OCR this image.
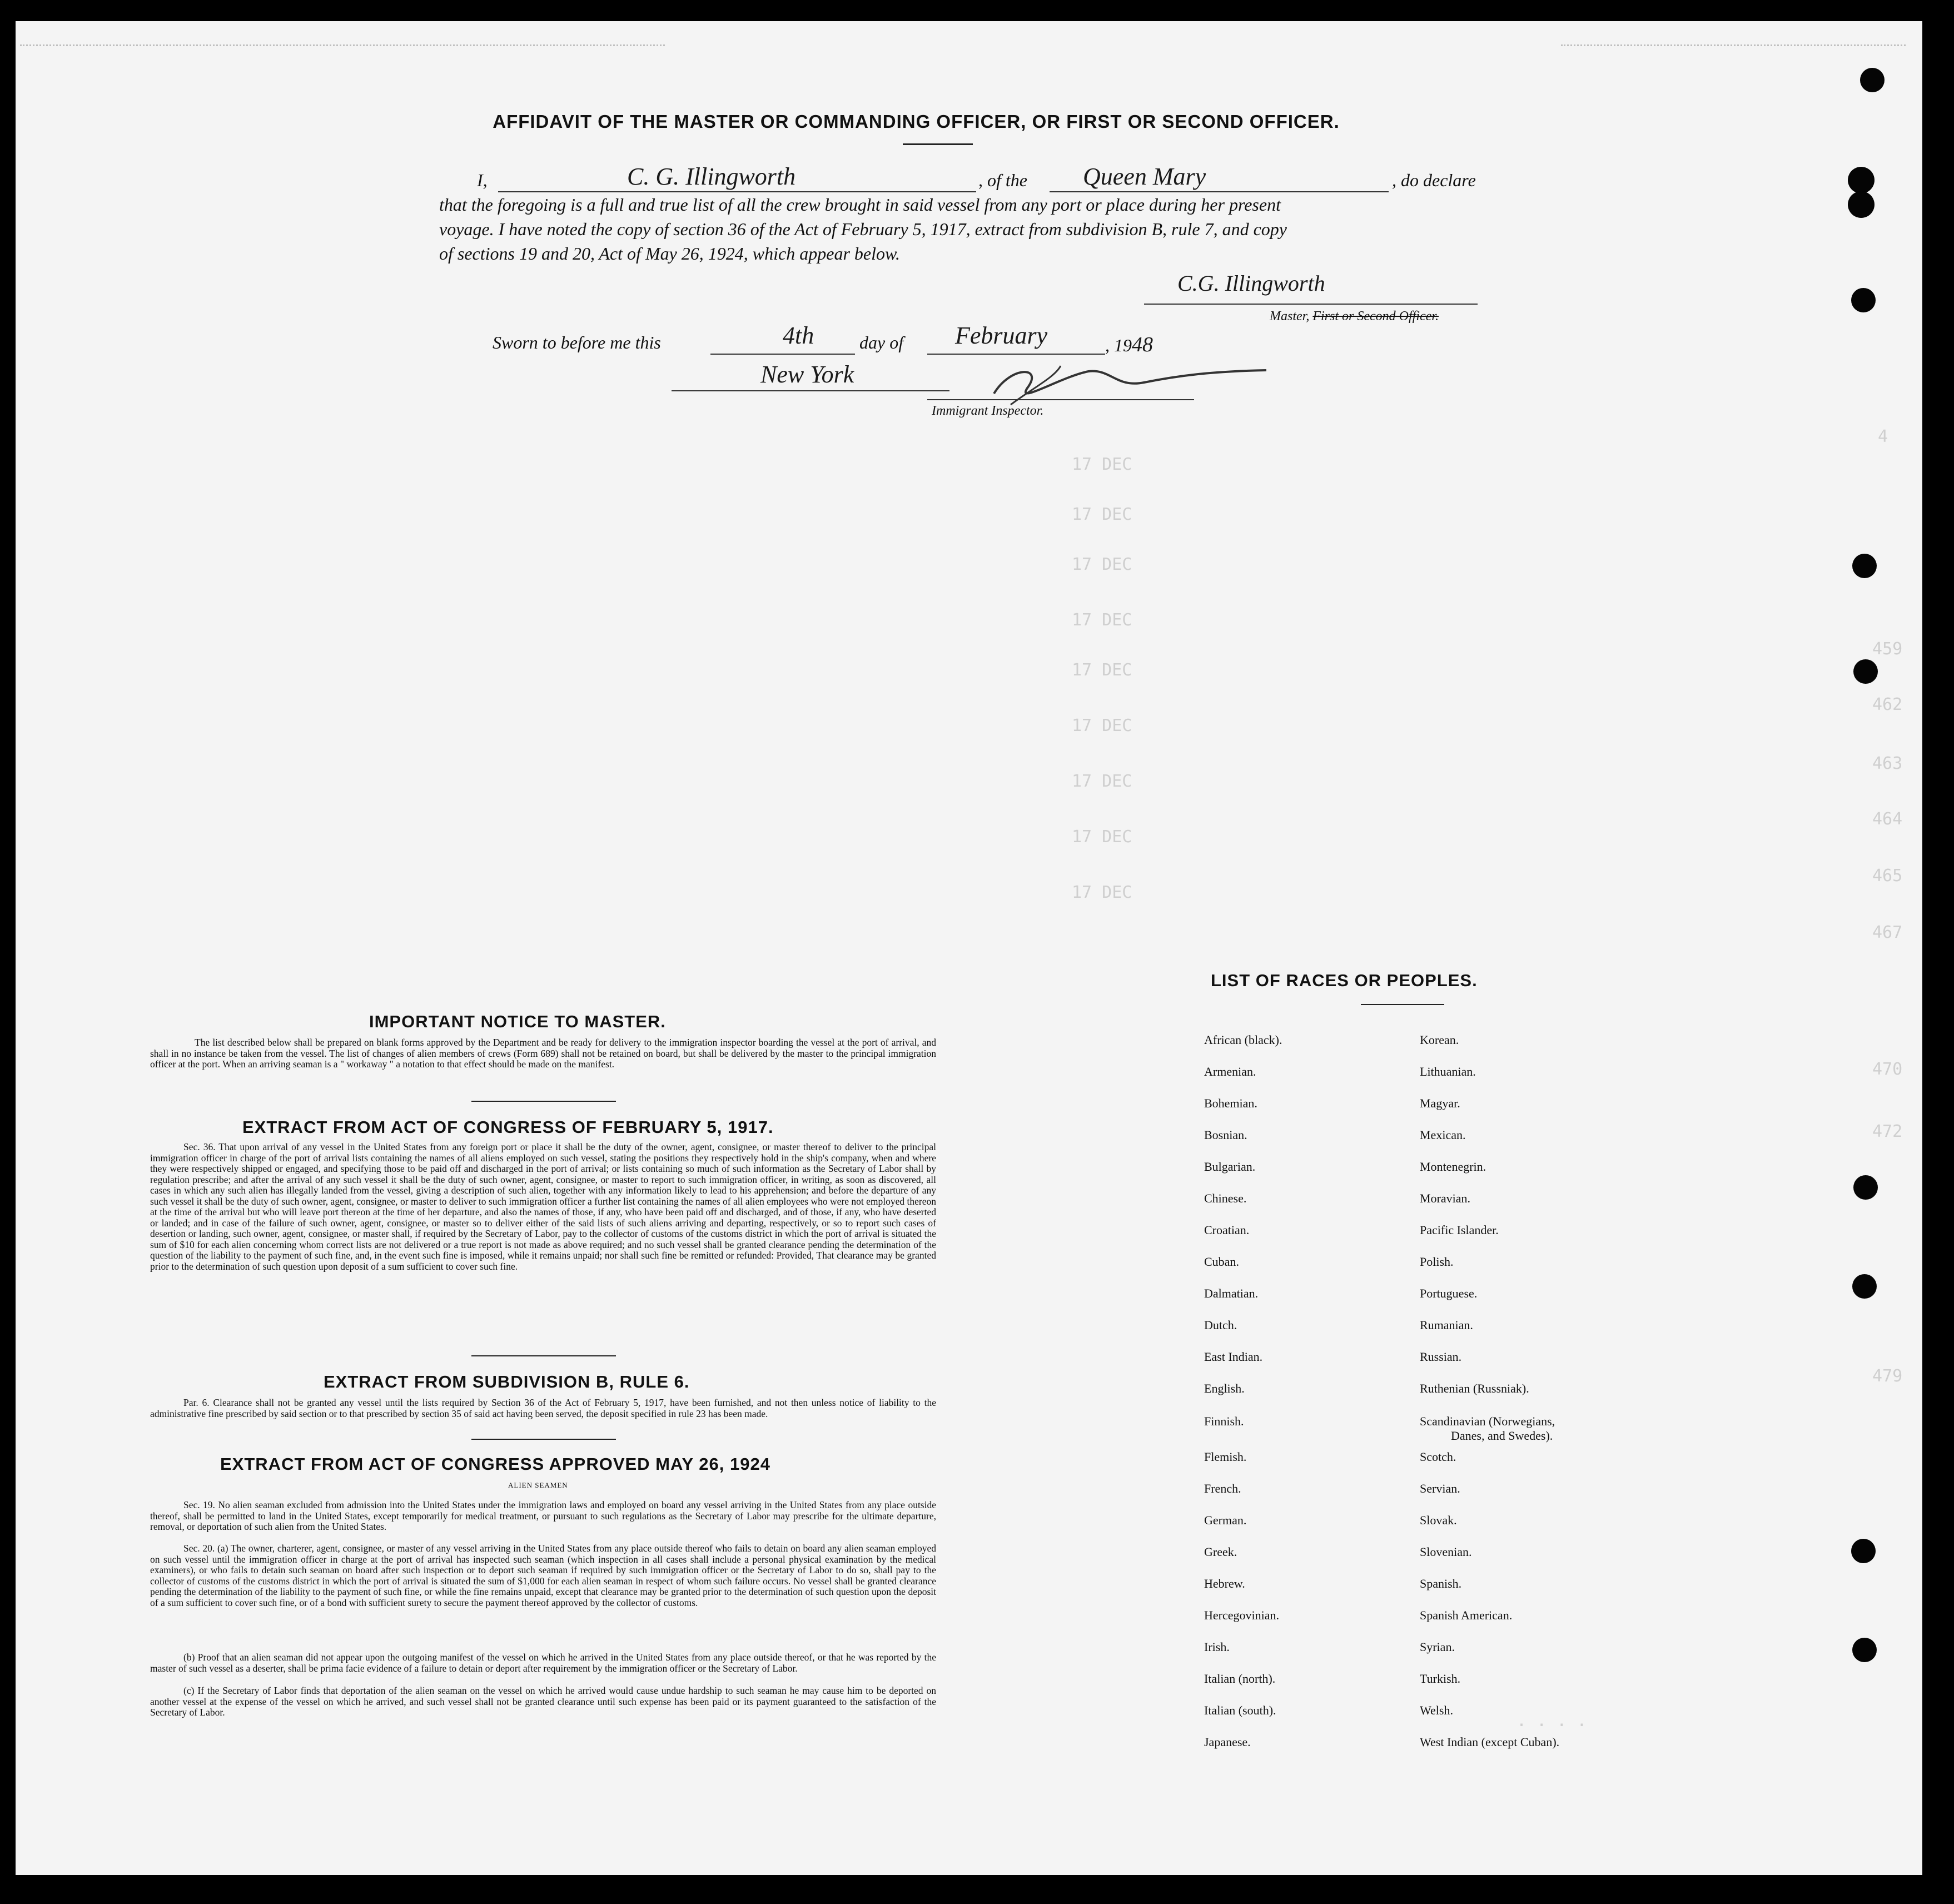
4
459
462
463
464
465
467
470
472
479
17 DEC
17 DEC
17 DEC
17 DEC
17 DEC
17 DEC
17 DEC
17 DEC
17 DEC
. . . .
AFFIDAVIT OF THE MASTER OR COMMANDING OFFICER, OR FIRST OR SECOND OFFICER.
I,	C. G. Illingworth	, of the Queen Mary	, do declare
that the foregoing is a full and true list of all the crew brought in said vessel from any port or place during her present
voyage. I have noted the copy of section 36 of the Act of February 5, 1917, extract from subdivision B, rule 7, and copy
of sections 19 and 20, Act of May 26, 1924, which appear below.
C.G. Illingworth
Master, First or Second Officer.
Sworn to before me this	4th	day of February	, 1948
New York
Immigrant Inspector.
IMPORTANT NOTICE TO MASTER.
The list described below shall be prepared on blank forms approved by the Department and be ready for delivery to the immigration inspector boarding the vessel at the port of arrival, and shall in no instance be taken from the vessel. The list of changes of alien members of crews (Form 689) shall not be retained on board, but shall be delivered by the master to the principal immigration officer at the port. When an arriving seaman is a " workaway " a notation to that effect should be made on the manifest.
EXTRACT FROM ACT OF CONGRESS OF FEBRUARY 5, 1917.
Sec. 36. That upon arrival of any vessel in the United States from any foreign port or place it shall be the duty of the owner, agent, consignee, or master thereof to deliver to the principal immigration officer in charge of the port of arrival lists containing the names of all aliens employed on such vessel, stating the positions they respectively hold in the ship's company, when and where they were respectively shipped or engaged, and specifying those to be paid off and discharged in the port of arrival; or lists containing so much of such information as the Secretary of Labor shall by regulation prescribe; and after the arrival of any such vessel it shall be the duty of such owner, agent, consignee, or master to report to such immigration officer, in writing, as soon as discovered, all cases in which any such alien has illegally landed from the vessel, giving a description of such alien, together with any information likely to lead to his apprehension; and before the departure of any such vessel it shall be the duty of such owner, agent, consignee, or master to deliver to such immigration officer a further list containing the names of all alien employees who were not employed thereon at the time of the arrival but who will leave port thereon at the time of her departure, and also the names of those, if any, who have been paid off and discharged, and of those, if any, who have deserted or landed; and in case of the failure of such owner, agent, consignee, or master so to deliver either of the said lists of such aliens arriving and departing, respectively, or so to report such cases of desertion or landing, such owner, agent, consignee, or master shall, if required by the Secretary of Labor, pay to the collector of customs of the customs district in which the port of arrival is situated the sum of $10 for each alien concerning whom correct lists are not delivered or a true report is not made as above required; and no such vessel shall be granted clearance pending the determination of the question of the liability to the payment of such fine, and, in the event such fine is imposed, while it remains unpaid; nor shall such fine be remitted or refunded: Provided, That clearance may be granted prior to the determination of such question upon deposit of a sum sufficient to cover such fine.
EXTRACT FROM SUBDIVISION B, RULE 6.
Par. 6. Clearance shall not be granted any vessel until the lists required by Section 36 of the Act of February 5, 1917, have been furnished, and not then unless notice of liability to the administrative fine prescribed by said section or to that prescribed by section 35 of said act having been served, the deposit specified in rule 23 has been made.
EXTRACT FROM ACT OF CONGRESS APPROVED MAY 26, 1924
ALIEN SEAMEN
Sec. 19. No alien seaman excluded from admission into the United States under the immigration laws and employed on board any vessel arriving in the United States from any place outside thereof, shall be permitted to land in the United States, except temporarily for medical treatment, or pursuant to such regulations as the Secretary of Labor may prescribe for the ultimate departure, removal, or deportation of such alien from the United States.
Sec. 20. (a) The owner, charterer, agent, consignee, or master of any vessel arriving in the United States from any place outside thereof who fails to detain on board any alien seaman employed on such vessel until the immigration officer in charge at the port of arrival has inspected such seaman (which inspection in all cases shall include a personal physical examination by the medical examiners), or who fails to detain such seaman on board after such inspection or to deport such seaman if required by such immigration officer or the Secretary of Labor to do so, shall pay to the collector of customs of the customs district in which the port of arrival is situated the sum of $1,000 for each alien seaman in respect of whom such failure occurs. No vessel shall be granted clearance pending the determination of the liability to the payment of such fine, or while the fine remains unpaid, except that clearance may be granted prior to the determination of such question upon the deposit of a sum sufficient to cover such fine, or of a bond with sufficient surety to secure the payment thereof approved by the collector of customs.
(b) Proof that an alien seaman did not appear upon the outgoing manifest of the vessel on which he arrived in the United States from any place outside thereof, or that he was reported by the master of such vessel as a deserter, shall be prima facie evidence of a failure to detain or deport after requirement by the immigration officer or the Secretary of Labor.
(c) If the Secretary of Labor finds that deportation of the alien seaman on the vessel on which he arrived would cause undue hardship to such seaman he may cause him to be deported on another vessel at the expense of the vessel on which he arrived, and such vessel shall not be granted clearance until such expense has been paid or its payment guaranteed to the satisfaction of the Secretary of Labor.
LIST OF RACES OR PEOPLES.
African (black).
Armenian.
Bohemian.
Bosnian.
Bulgarian.
Chinese.
Croatian.
Cuban.
Dalmatian.
Dutch.
East Indian.
English.
Finnish.
Flemish.
French.
German.
Greek.
Hebrew.
Hercegovinian.
Irish.
Italian (north).
Italian (south).
Japanese.
Korean.
Lithuanian.
Magyar.
Mexican.
Montenegrin.
Moravian.
Pacific Islander.
Polish.
Portuguese.
Rumanian.
Russian.
Ruthenian (Russniak).
Scandinavian (Norwegians,
Danes, and Swedes).
Scotch.
Servian.
Slovak.
Slovenian.
Spanish.
Spanish American.
Syrian.
Turkish.
Welsh.
West Indian (except Cuban).
